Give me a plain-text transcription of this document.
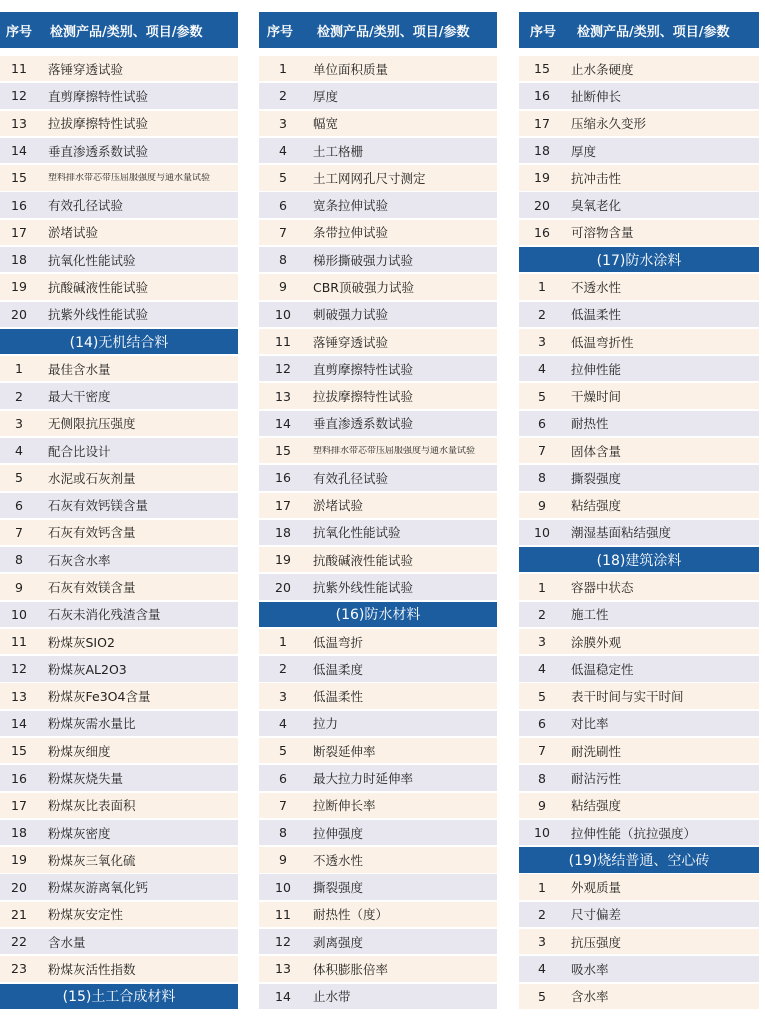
序号	检测产品/类别、项目/参数
11	落锤穿透试验
12	直剪摩擦特性试验
13	拉拔摩擦特性试验
14	垂直渗透系数试验
15	塑料排水带芯带压屈服强度与通水量试验
16	有效孔径试验
17	淤堵试验
18	抗氧化性能试验
19	抗酸碱液性能试验
20	抗紫外线性能试验
(14)无机结合料
1	最佳含水量
2	最大干密度
3	无侧限抗压强度
4	配合比设计
5	水泥或石灰剂量
6	石灰有效钙镁含量
7	石灰有效钙含量
8	石灰含水率
9	石灰有效镁含量
10	石灰未消化残渣含量
11	粉煤灰SIO2
12	粉煤灰AL2O3
13	粉煤灰Fe3O4含量
14	粉煤灰需水量比
15	粉煤灰细度
16	粉煤灰烧失量
17	粉煤灰比表面积
18	粉煤灰密度
19	粉煤灰三氧化硫
20	粉煤灰游离氧化钙
21	粉煤灰安定性
22	含水量
23	粉煤灰活性指数
(15)土工合成材料
序号	检测产品/类别、项目/参数
1	单位面积质量
2	厚度
3	幅宽
4	土工格栅
5	土工网网孔尺寸测定
6	宽条拉伸试验
7	条带拉伸试验
8	梯形撕破强力试验
9	CBR顶破强力试验
10	刺破强力试验
11	落锤穿透试验
12	直剪摩擦特性试验
13	拉拔摩擦特性试验
14	垂直渗透系数试验
15	塑料排水带芯带压屈服强度与通水量试验
16	有效孔径试验
17	淤堵试验
18	抗氧化性能试验
19	抗酸碱液性能试验
20	抗紫外线性能试验
(16)防水材料
1	低温弯折
2	低温柔度
3	低温柔性
4	拉力
5	断裂延伸率
6	最大拉力时延伸率
7	拉断伸长率
8	拉伸强度
9	不透水性
10	撕裂强度
11	耐热性（度）
12	剥离强度
13	体积膨胀倍率
14	止水带
序号	检测产品/类别、项目/参数
15	止水条硬度
16	扯断伸长
17	压缩永久变形
18	厚度
19	抗冲击性
20	臭氧老化
16	可溶物含量
(17)防水涂料
1	不透水性
2	低温柔性
3	低温弯折性
4	拉伸性能
5	干燥时间
6	耐热性
7	固体含量
8	撕裂强度
9	粘结强度
10	潮湿基面粘结强度
(18)建筑涂料
1	容器中状态
2	施工性
3	涂膜外观
4	低温稳定性
5	表干时间与实干时间
6	对比率
7	耐洗刷性
8	耐沾污性
9	粘结强度
10	拉伸性能（抗拉强度）
(19)烧结普通、空心砖
1	外观质量
2	尺寸偏差
3	抗压强度
4	吸水率
5	含水率
